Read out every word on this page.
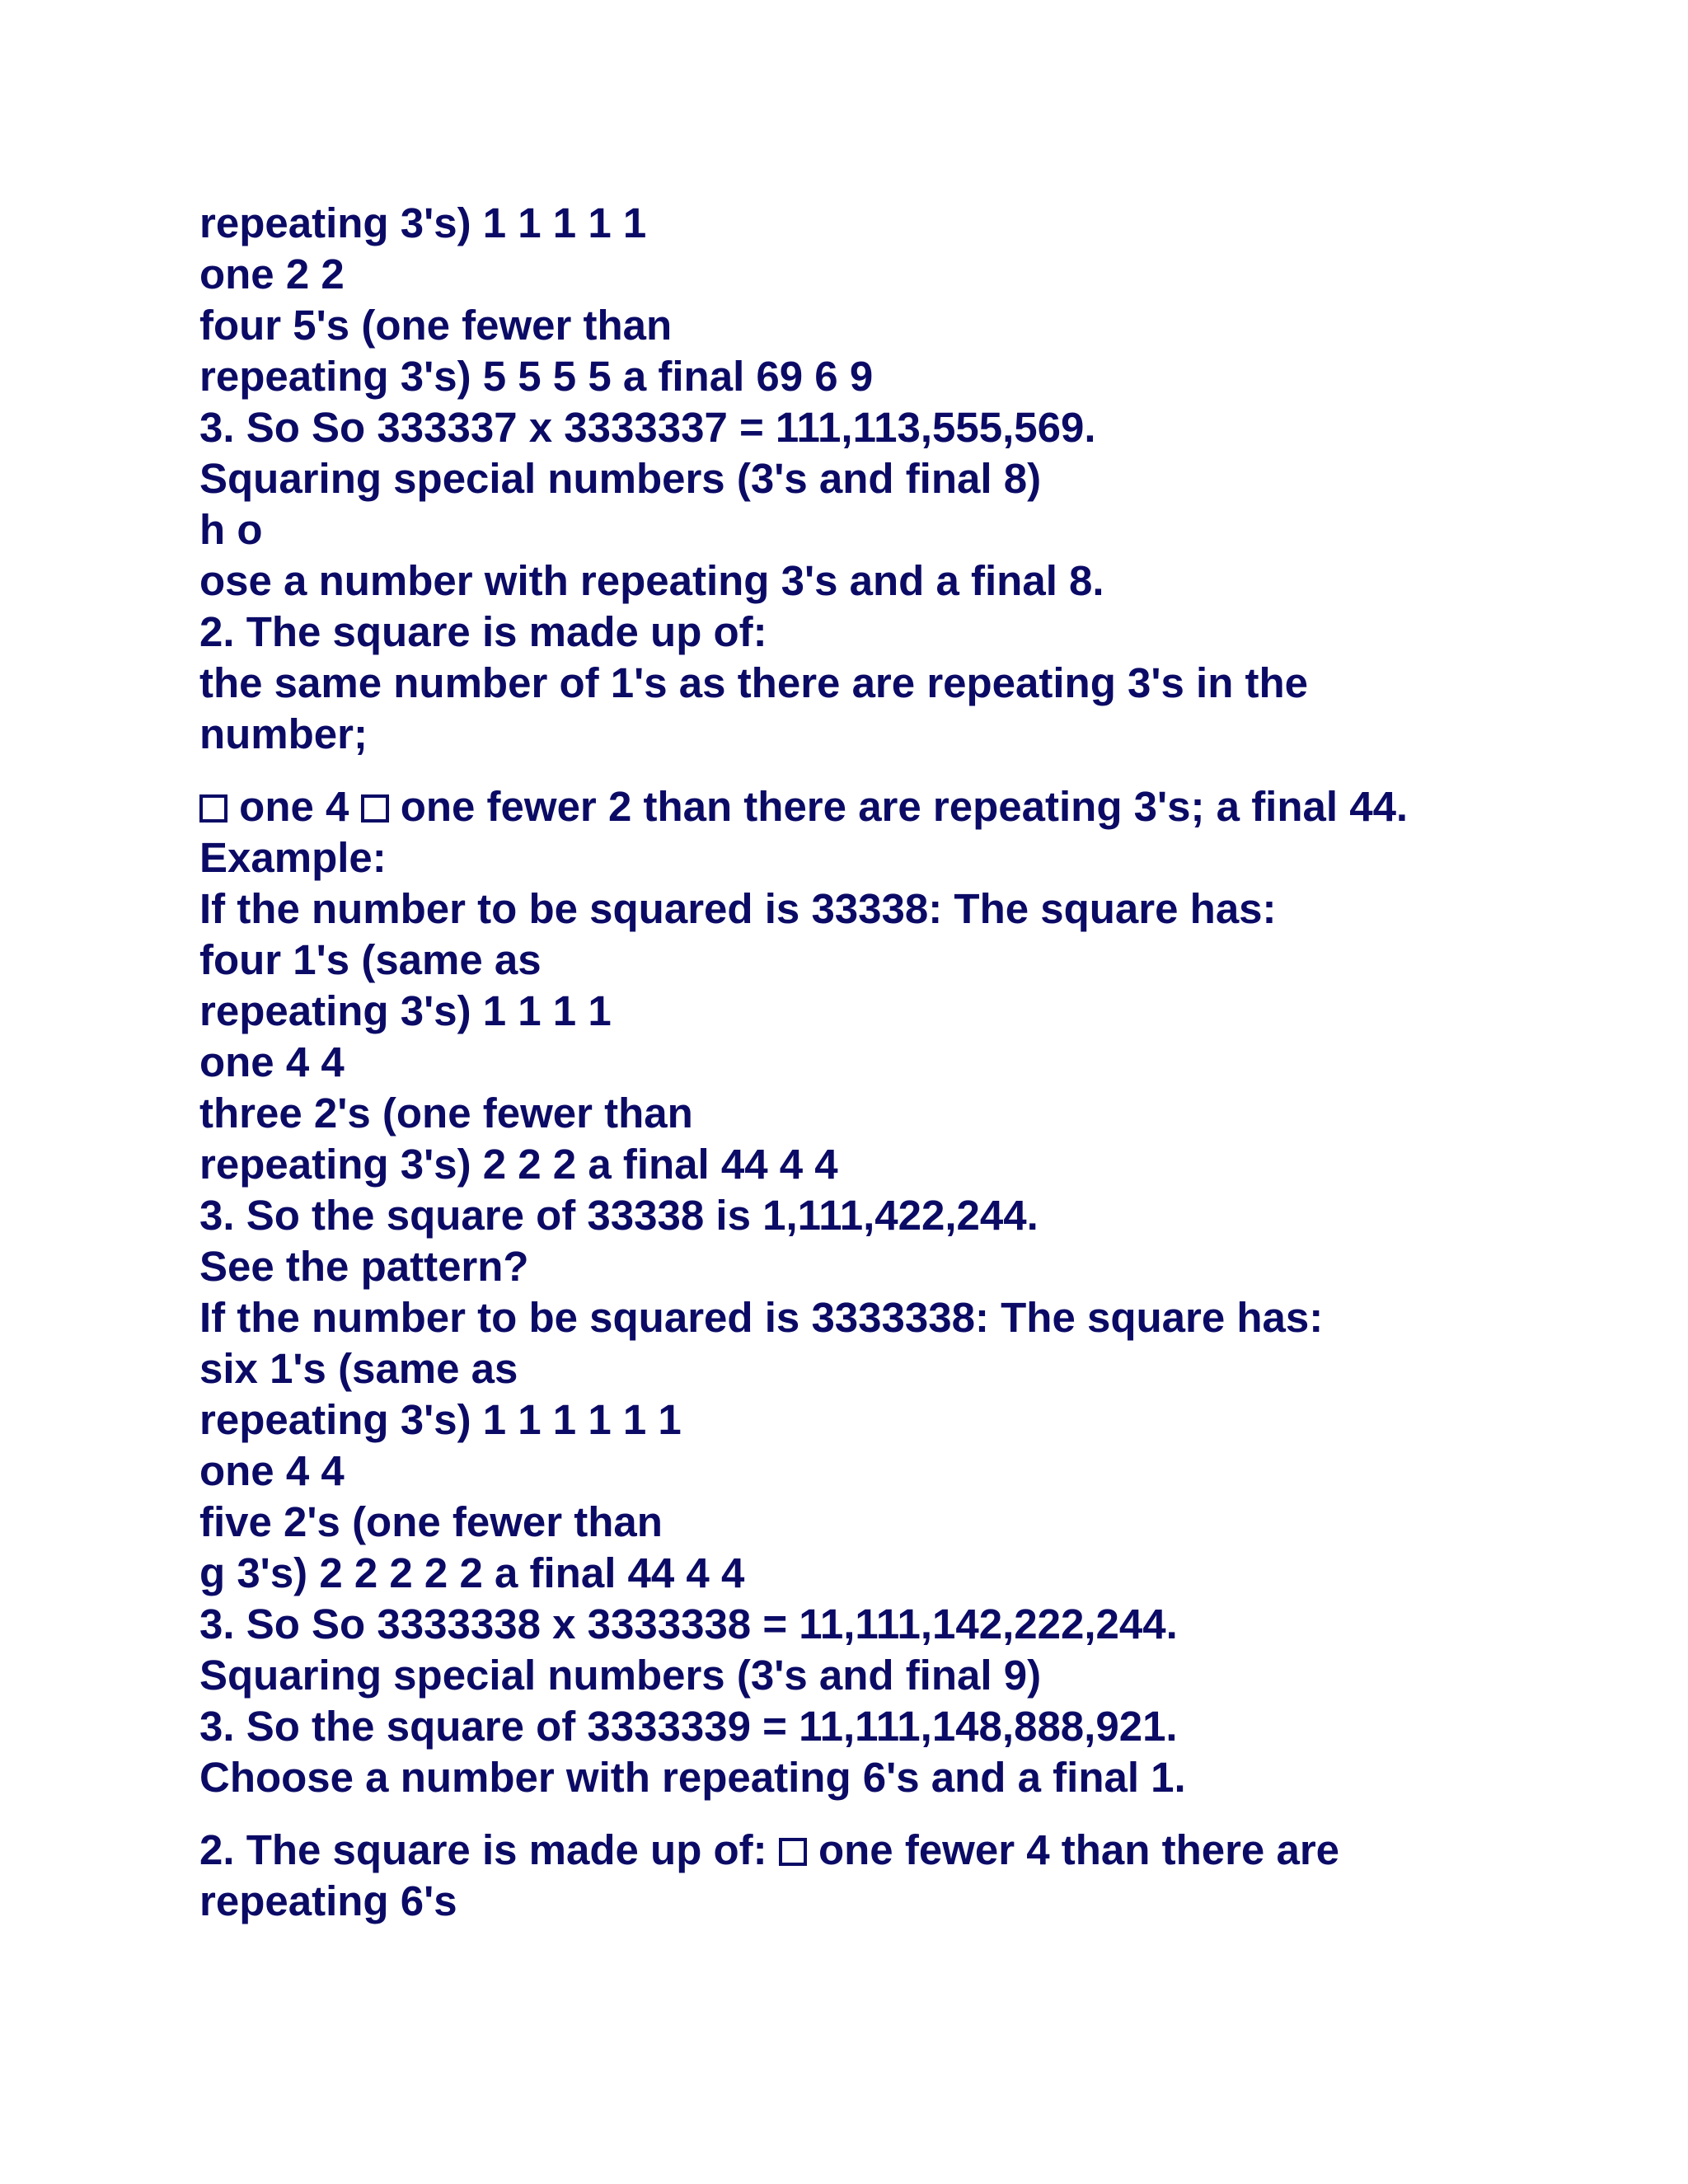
repeating 3's) 1 1 1 1 1
one 2 2
four 5's (one fewer than
repeating 3's) 5 5 5 5 a final 69 6 9
3. So So 333337 x 3333337 = 111,113,555,569.
Squaring special numbers (3's and final 8)
h o
ose a number with repeating 3's and a final 8.
2. The square is made up of:
the same number of 1's as there are repeating 3's in the number;
one 4  one fewer 2 than there are repeating 3's; a final 44.
Example:
If the number to be squared is 33338: The square has:
four 1's (same as
repeating 3's) 1 1 1 1
one 4 4
three 2's (one fewer than
repeating 3's) 2 2 2 a final 44 4 4
3. So the square of 33338 is 1,111,422,244.
See the pattern?
If the number to be squared is 3333338: The square has:
six 1's (same as
repeating 3's) 1 1 1 1 1 1
one 4 4
five 2's (one fewer than
g 3's) 2 2 2 2 2 a final 44 4 4
3. So So 3333338 x 3333338 = 11,111,142,222,244.
Squaring special numbers (3's and final 9)
3. So the square of 3333339 = 11,111,148,888,921.
Choose a number with repeating 6's and a final 1.
2. The square is made up of:  one fewer 4 than there are repeating 6's
